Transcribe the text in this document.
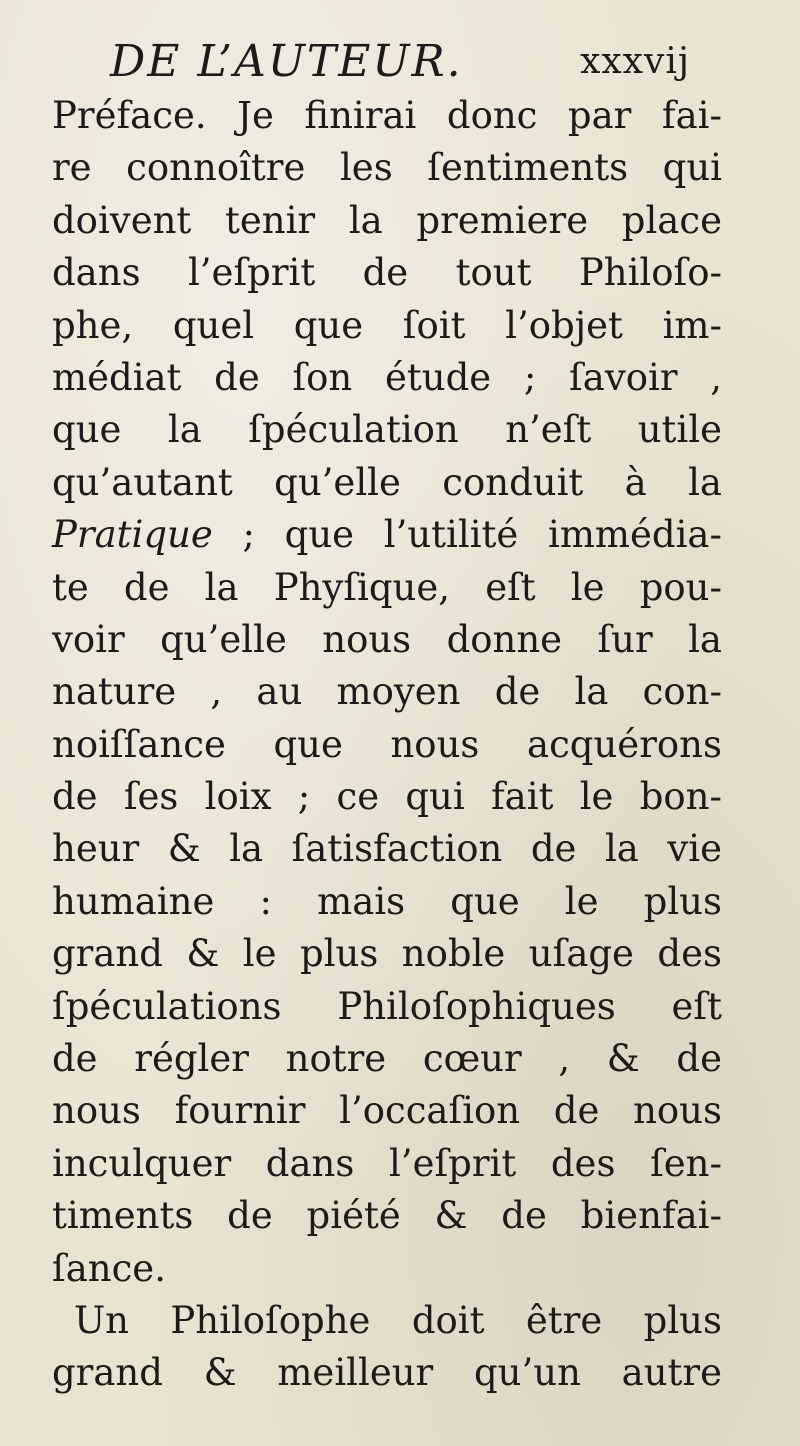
DE L’AUTEUR.	xxxvij
Préface. Je finirai donc par fai-
re connoître les ſentiments qui
doivent tenir la premiere place
dans l’eſprit de tout Philoſo-
phe, quel que ſoit l’objet im-
médiat de ſon étude ; ſavoir ,
que la ſpéculation n’eſt utile
qu’autant qu’elle conduit à la
Pratique ; que l’utilité immédia-
te de la Phyſique, eſt le pou-
voir qu’elle nous donne ſur la
nature , au moyen de la con-
noiſſance que nous acquérons
de ſes loix ; ce qui fait le bon-
heur & la ſatisfaction de la vie
humaine : mais que le plus
grand & le plus noble uſage des
ſpéculations Philoſophiques eſt
de régler notre cœur , & de
nous fournir l’occaſion de nous
inculquer dans l’eſprit des ſen-
timents de piété & de bienfai-
ſance.
Un Philoſophe doit être plus
grand & meilleur qu’un autre
